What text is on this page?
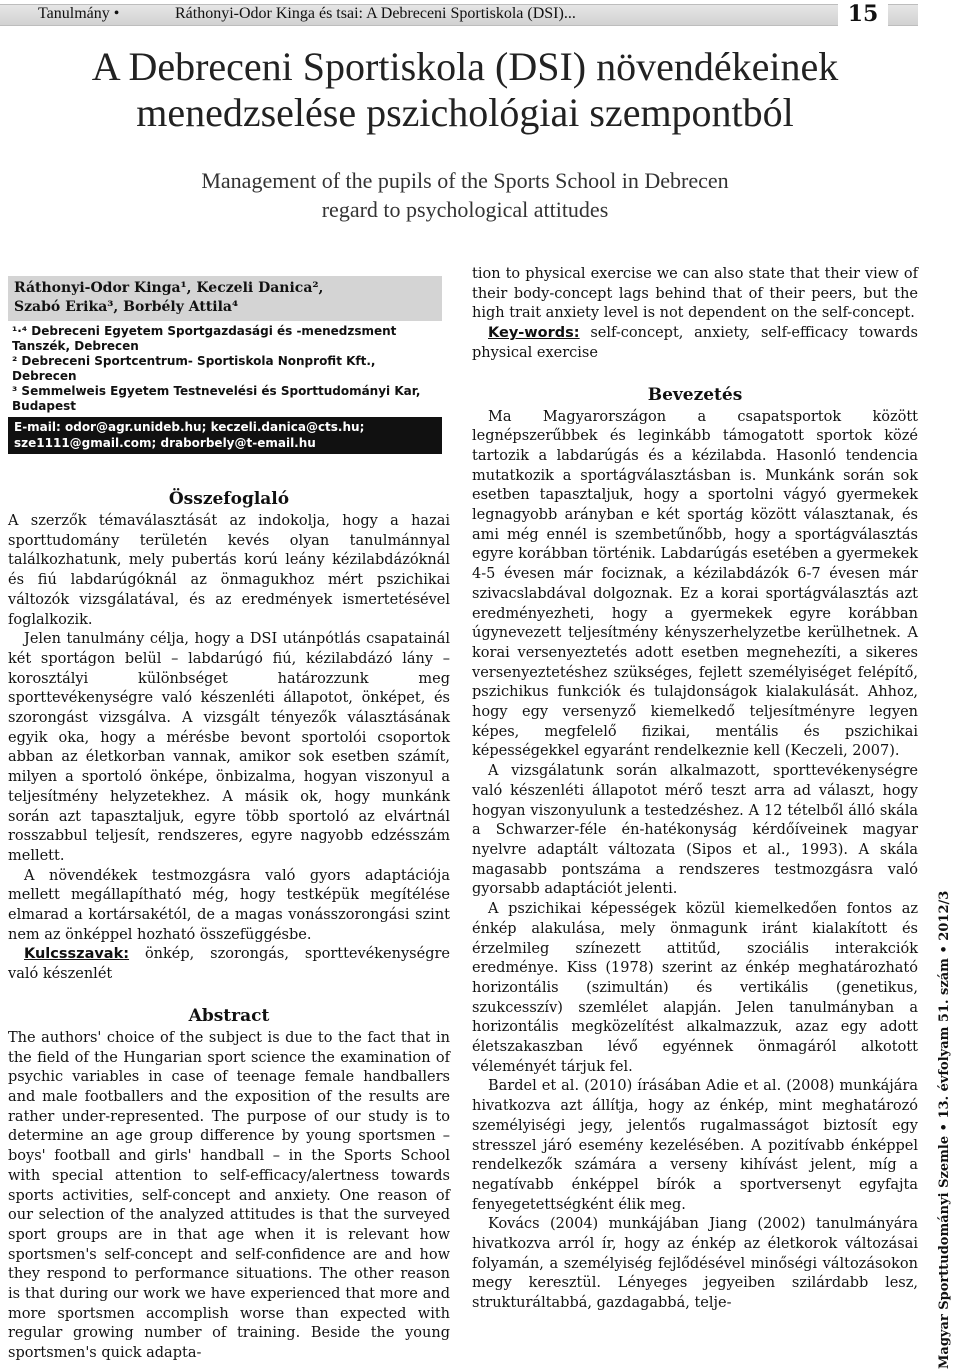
Tanulmány •	Ráthonyi-Odor Kinga és tsai: A Debreceni Sportiskola (DSI)...	15
A Debreceni Sportiskola (DSI) növendékeinek
menedzselése pszichológiai szempontból
Management of the pupils of the Sports School in Debrecen
regard to psychological attitudes
Ráthonyi-Odor Kinga¹, Keczeli Danica²,
Szabó Erika³, Borbély Attila⁴

¹·⁴ Debreceni Egyetem Sportgazdasági és -menedzsment Tanszék, Debrecen

² Debreceni Sportcentrum- Sportiskola Nonprofit Kft., Debrecen

³ Semmelweis Egyetem Testnevelési és Sporttudományi Kar, Budapest

E-mail: odor@agr.unideb.hu; keczeli.danica@cts.hu; sze1111@gmail.com; draborbely@t-email.hu
Összefoglaló

A szerzők témaválasztását az indokolja, hogy a hazai sporttudomány területén kevés olyan tanulmánnyal találkozhatunk, mely pubertás korú leány kézilabdázóknál és fiú labdarúgóknál az önmagukhoz mért pszichikai változók vizsgálatával, és az eredmények ismertetésével foglalkozik.

Jelen tanulmány célja, hogy a DSI utánpótlás csapatainál két sportágon belül – labdarúgó fiú, kézilabdázó lány – korosztályi különbséget határozzunk meg sporttevékenységre való készenléti állapotot, önképet, és szorongást vizsgálva. A vizsgált tényezők választásának egyik oka, hogy a mérésbe bevont sportolói csoportok abban az életkorban vannak, amikor sok esetben számít, milyen a sportoló önképe, önbizalma, hogyan viszonyul a teljesítmény helyzetekhez. A másik ok, hogy munkánk során azt tapasztaljuk, egyre több sportoló az elvártnál rosszabbul teljesít, rendszeres, egyre nagyobb edzésszám mellett.

A növendékek testmozgásra való gyors adaptációja mellett megállapítható még, hogy testképük megítélése elmarad a kortársakétól, de a magas vonásszorongási szint nem az önképpel hozható összefüggésbe.

Kulcsszavak: önkép, szorongás, sporttevékenységre való készenlét

Abstract

The authors' choice of the subject is due to the fact that in the field of the Hungarian sport science the examination of psychic variables in case of teenage female handballers and male footballers and the exposition of the results are rather under-represented. The purpose of our study is to determine an age group difference by young sportsmen – boys' football and girls' handball – in the Sports School with special attention to self-efficacy/alertness towards sports activities, self-concept and anxiety. One reason of our selection of the analyzed attitudes is that the surveyed sport groups are in that age when it is relevant how sportsmen's self-concept and self-confidence are and how they respond to performance situations. The other reason is that during our work we have experienced that more and more sportsmen accomplish worse than expected with regular growing number of training. Beside the young sportsmen's quick adapta-

tion to physical exercise we can also state that their view of their body-concept lags behind that of their peers, but the high trait anxiety level is not dependent on the self-concept.

Key-words: self-concept, anxiety, self-efficacy towards physical exercise

Bevezetés

Ma Magyarországon a csapatsportok között legnépszerűbbek és leginkább támogatott sportok közé tartozik a labdarúgás és a kézilabda. Hasonló tendencia mutatkozik a sportágválasztásban is. Munkánk során sok esetben tapasztaljuk, hogy a sportolni vágyó gyermekek legnagyobb arányban e két sportág között választanak, és ami még ennél is szembetűnőbb, hogy a sportágválasztás egyre korábban történik. Labdarúgás esetében a gyermekek 4-5 évesen már fociznak, a kézilabdázók 6-7 évesen már szivacslabdával dolgoznak. Ez a korai sportágválasztás azt eredményezheti, hogy a gyermekek egyre korábban úgynevezett teljesítmény kényszerhelyzetbe kerülhetnek. A korai versenyeztetés adott esetben megnehezíti, a sikeres versenyeztetéshez szükséges, fejlett személyiséget felépítő, pszichikus funkciók és tulajdonságok kialakulását. Ahhoz, hogy egy versenyző kiemelkedő teljesítményre legyen képes, megfelelő fizikai, mentális és pszichikai képességekkel egyaránt rendelkeznie kell (Keczeli, 2007).

A vizsgálatunk során alkalmazott, sporttevékenységre való készenléti állapotot mérő teszt arra ad választ, hogy hogyan viszonyulunk a testedzéshez. A 12 tételből álló skála a Schwarzer-féle én-hatékonyság kérdőíveinek magyar nyelvre adaptált változata (Sipos et al., 1993). A skála magasabb pontszáma a rendszeres testmozgásra való gyorsabb adaptációt jelenti.

A pszichikai képességek közül kiemelkedően fontos az énkép alakulása, mely önmagunk iránt kialakított és érzelmileg színezett attitűd, szociális interakciók eredménye. Kiss (1978) szerint az énkép meghatározható horizontális (szimultán) és vertikális (genetikus, szukcesszív) szemlélet alapján. Jelen tanulmányban a horizontális megközelítést alkalmazzuk, azaz egy adott életszakaszban lévő egyénnek önmagáról alkotott véleményét tárjuk fel.

Bardel et al. (2010) írásában Adie et al. (2008) munkájára hivatkozva azt állítja, hogy az énkép, mint meghatározó személyiségi jegy, jelentős rugalmasságot biztosít egy stresszel járó esemény kezelésében. A pozitívabb énképpel rendelkezők számára a verseny kihívást jelent, míg a negatívabb énképpel bírók a sportversenyt egyfajta fenyegetettségként élik meg.

Kovács (2004) munkájában Jiang (2002) tanulmányára hivatkozva arról ír, hogy az énkép az életkorok változásai folyamán, a személyiség fejlődésével minőségi változásokon megy keresztül. Lényeges jegyeiben szilárdabb lesz, strukturáltabbá, gazdagabbá, telje-	Magyar Sporttudományi Szemle • 13. évfolyam 51. szám • 2012/3
